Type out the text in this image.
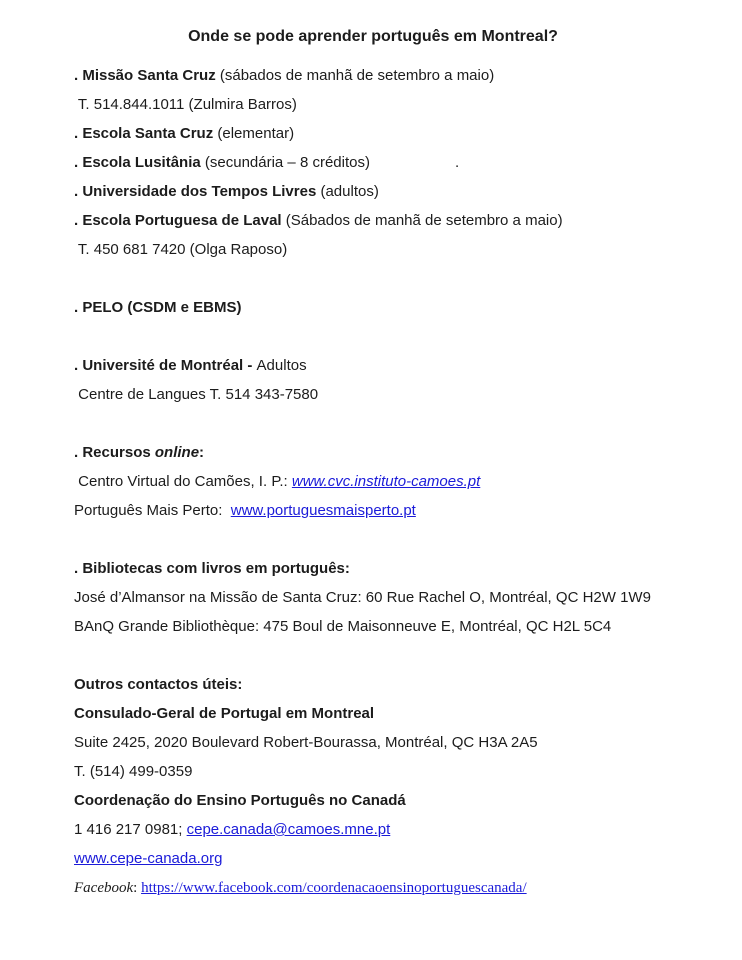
Onde se pode aprender português em Montreal?
. Missão Santa Cruz (sábados de manhã de setembro a maio)
T. 514.844.1011 (Zulmira Barros)
. Escola Santa Cruz (elementar)
. Escola Lusitânia (secundária – 8 créditos)	.
. Universidade dos Tempos Livres (adultos)
. Escola Portuguesa de Laval (Sábados de manhã de setembro a maio)
T. 450 681 7420 (Olga Raposo)
. PELO (CSDM e EBMS)
. Université de Montréal - Adultos
Centre de Langues T. 514 343-7580
. Recursos online:
Centro Virtual do Camões, I. P.: www.cvc.instituto-camoes.pt
Português Mais Perto:  www.portuguesmaisperto.pt
. Bibliotecas com livros em português:
José d’Almansor na Missão de Santa Cruz: 60 Rue Rachel O, Montréal, QC H2W 1W9
BAnQ Grande Bibliothèque: 475 Boul de Maisonneuve E, Montréal, QC H2L 5C4
Outros contactos úteis:
Consulado-Geral de Portugal em Montreal
Suite 2425, 2020 Boulevard Robert-Bourassa, Montréal, QC H3A 2A5
T. (514) 499-0359
Coordenação do Ensino Português no Canadá
1 416 217 0981; cepe.canada@camoes.mne.pt
www.cepe-canada.org
Facebook: https://www.facebook.com/coordenacaoensinoportuguescanada/
